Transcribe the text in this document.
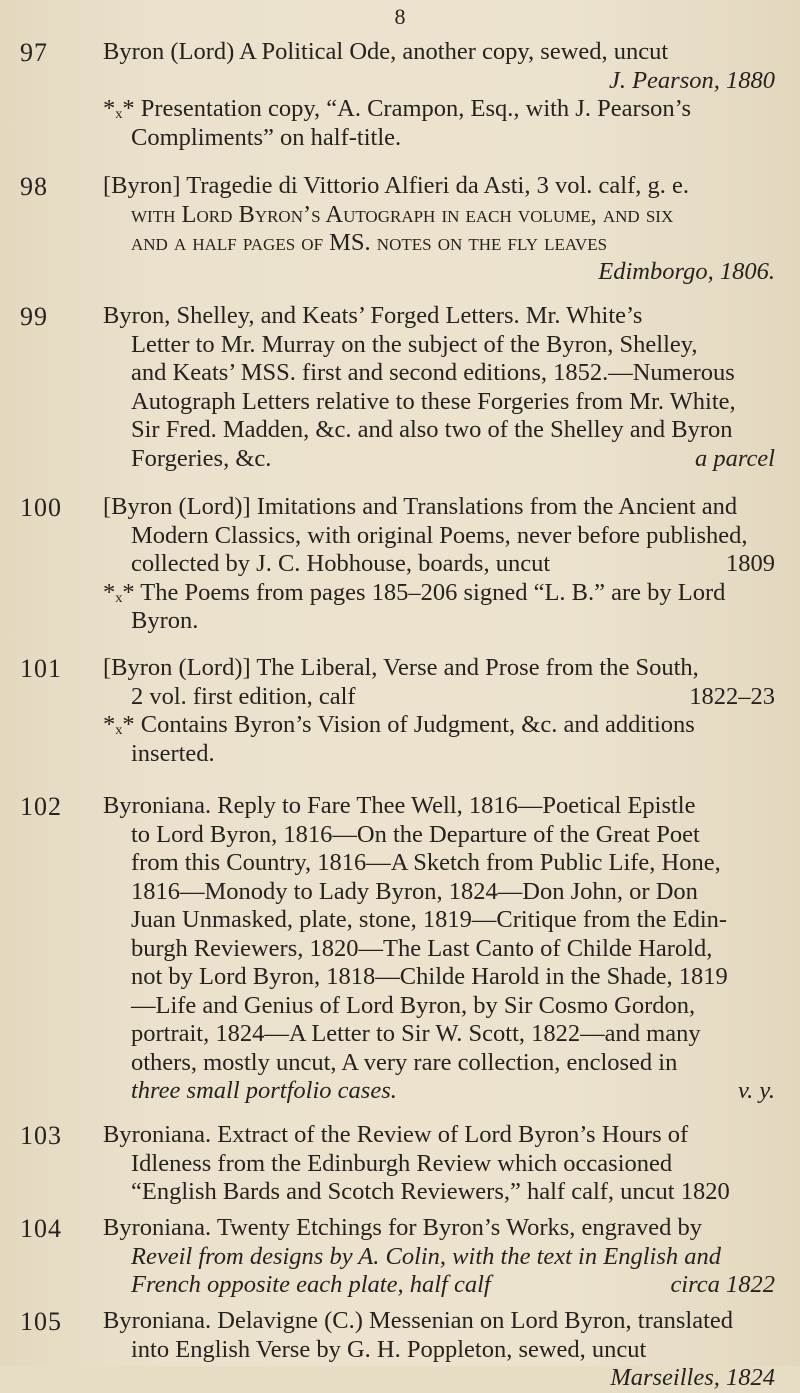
8
97	Byron (Lord) A Political Ode, another copy, sewed, uncut
J. Pearson, 1880
*ₓ* Presentation copy, “A. Crampon, Esq., with J. Pearson’s
Compliments” on half-title.
98	[Byron] Tragedie di Vittorio Alfieri da Asti, 3 vol. calf, g. e.
with Lord Byron’s Autograph in each volume, and six
and a half pages of MS. notes on the fly leaves
Edimborgo, 1806.
99	Byron, Shelley, and Keats’ Forged Letters. Mr. White’s
Letter to Mr. Murray on the subject of the Byron, Shelley,
and Keats’ MSS. first and second editions, 1852.—Numerous
Autograph Letters relative to these Forgeries from Mr. White,
Sir Fred. Madden, &c. and also two of the Shelley and Byron
Forgeries, &c.	a parcel
100	[Byron (Lord)] Imitations and Translations from the Ancient and
Modern Classics, with original Poems, never before published,
collected by J. C. Hobhouse, boards, uncut	1809
*ₓ* The Poems from pages 185–206 signed “L. B.” are by Lord
Byron.
101	[Byron (Lord)] The Liberal, Verse and Prose from the South,
2 vol. first edition, calf	1822–23
*ₓ* Contains Byron’s Vision of Judgment, &c. and additions
inserted.
102	Byroniana. Reply to Fare Thee Well, 1816—Poetical Epistle
to Lord Byron, 1816—On the Departure of the Great Poet
from this Country, 1816—A Sketch from Public Life, Hone,
1816—Monody to Lady Byron, 1824—Don John, or Don
Juan Unmasked, plate, stone, 1819—Critique from the Edin-
burgh Reviewers, 1820—The Last Canto of Childe Harold,
not by Lord Byron, 1818—Childe Harold in the Shade, 1819
—Life and Genius of Lord Byron, by Sir Cosmo Gordon,
portrait, 1824—A Letter to Sir W. Scott, 1822—and many
others, mostly uncut, A very rare collection, enclosed in
three small portfolio cases.	v. y.
103	Byroniana. Extract of the Review of Lord Byron’s Hours of
Idleness from the Edinburgh Review which occasioned
“English Bards and Scotch Reviewers,” half calf, uncut 1820
104	Byroniana. Twenty Etchings for Byron’s Works, engraved by
Reveil from designs by A. Colin, with the text in English and
French opposite each plate, half calf	circa 1822
105	Byroniana. Delavigne (C.) Messenian on Lord Byron, translated
into English Verse by G. H. Poppleton, sewed, uncut
Marseilles, 1824
